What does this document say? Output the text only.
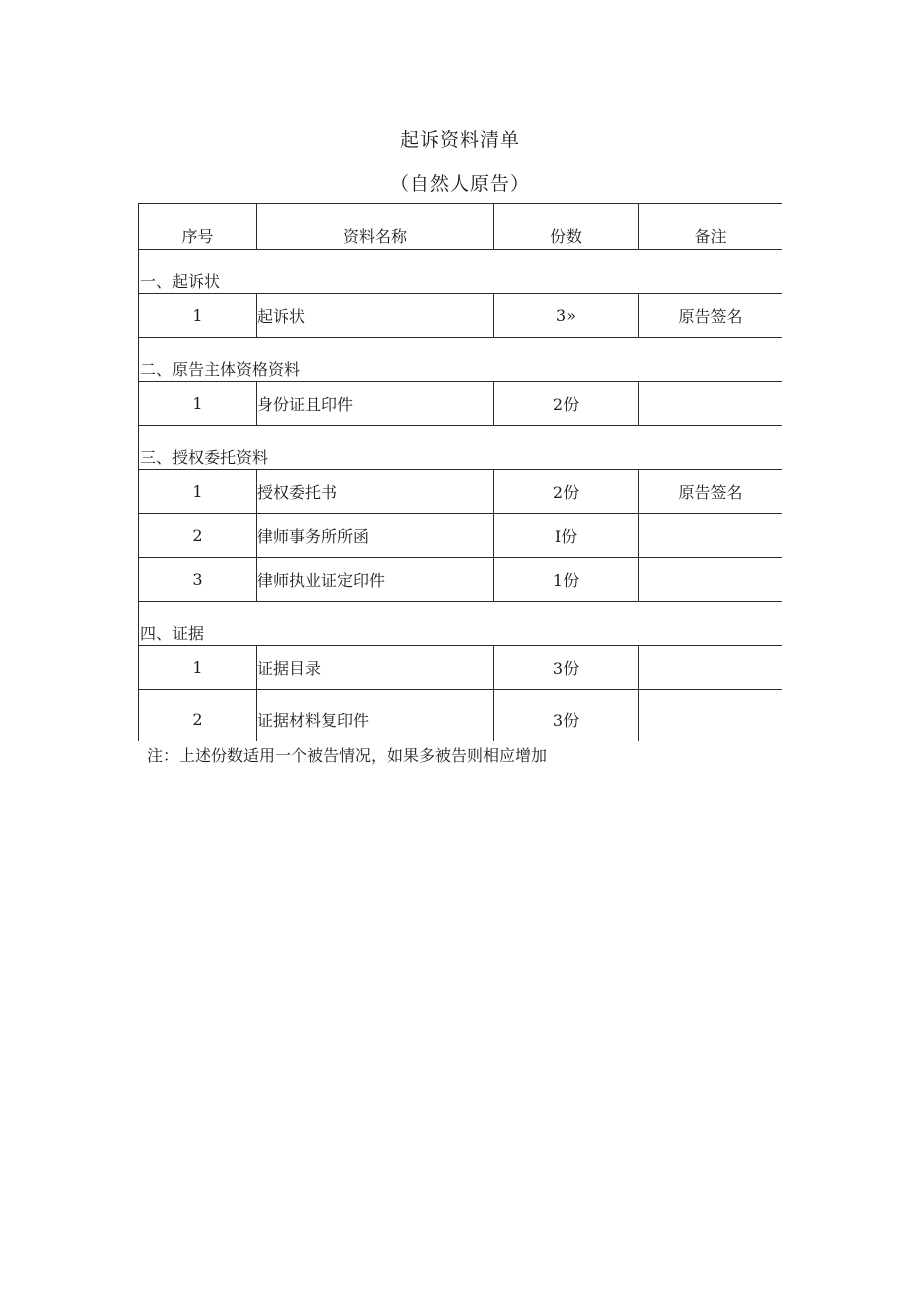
起诉资料清单
（自然人原告）
序号	资料名称	份数	备注
一、起诉状			
1	起诉状	3»	原告签名
二、原告主体资格资料			
1	身份证且印件	2份	
三、授权委托资料			
1	授权委托书	2份	原告签名
2	律师事务所所函	I份	
3	律师执业证定印件	1份	
四、证据			
1	证据目录	3份	
2	证据材料复印件	3份	
注：上述份数适用一个被告情况，如果多被告则相应增加
